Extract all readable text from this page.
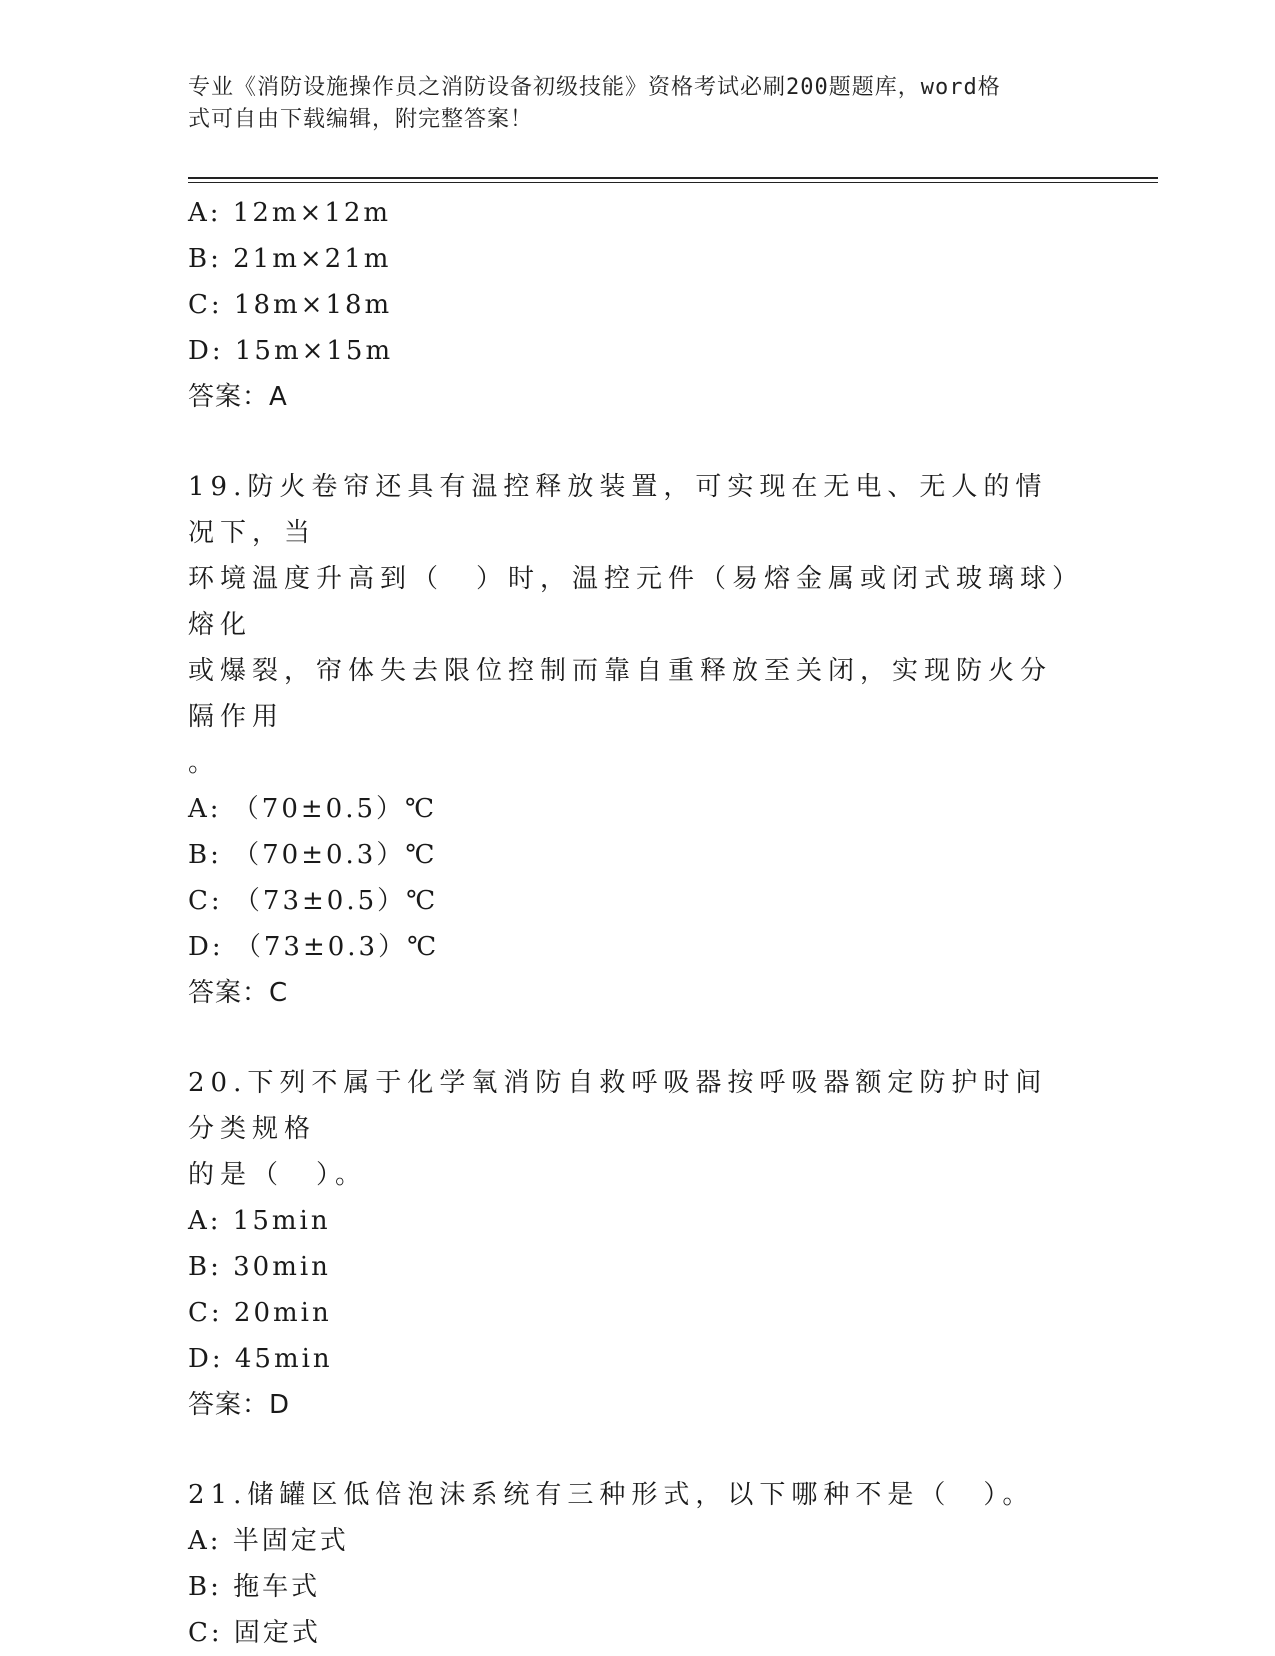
专业《消防设施操作员之消防设备初级技能》资格考试必刷200题题库，word格
式可自由下载编辑，附完整答案！
A: 12m×12m
B: 21m×21m
C: 18m×18m
D: 15m×15m
答案：A
19.防火卷帘还具有温控释放装置，可实现在无电、无人的情况下，当
环境温度升高到（　）时，温控元件（易熔金属或闭式玻璃球）熔化
或爆裂，帘体失去限位控制而靠自重释放至关闭，实现防火分隔作用
。
A: （70±0.5）℃
B: （70±0.3）℃
C: （73±0.5）℃
D: （73±0.3）℃
答案：C
20.下列不属于化学氧消防自救呼吸器按呼吸器额定防护时间分类规格
的是（　）。
A: 15min
B: 30min
C: 20min
D: 45min
答案：D
21.储罐区低倍泡沫系统有三种形式，以下哪种不是（　）。
A: 半固定式
B: 拖车式
C: 固定式
